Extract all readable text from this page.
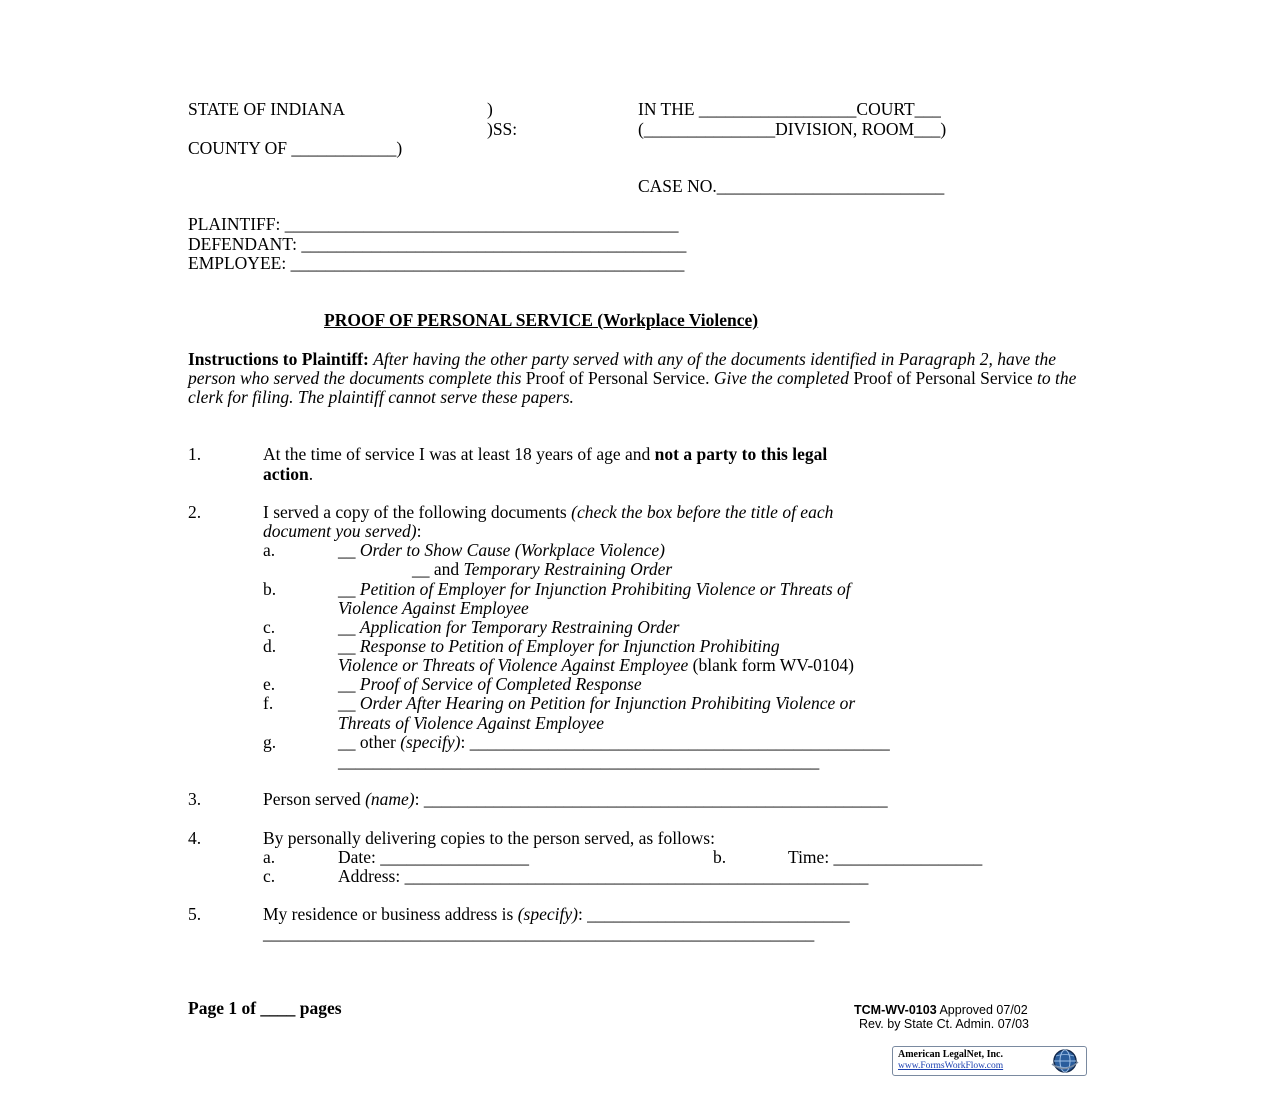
STATE OF INDIANA	)
)SS:
COUNTY OF ____________)
IN THE __________________COURT___
(_______________DIVISION, ROOM___)
CASE NO.__________________________
PLAINTIFF: _____________________________________________
DEFENDANT: ____________________________________________
EMPLOYEE: _____________________________________________
PROOF OF PERSONAL SERVICE (Workplace Violence)
Instructions to Plaintiff: After having the other party served with any of the documents identified in Paragraph 2, have the person who served the documents complete this Proof of Personal Service. Give the completed Proof of Personal Service to the clerk for filing. The plaintiff cannot serve these papers.
1.	At the time of service I was at least 18 years of age and not a party to this legal
action.
2.	I served a copy of the following documents (check the box before the title of each
document you served):
a.	__ Order to Show Cause (Workplace Violence)
__ and Temporary Restraining Order
b.	__ Petition of Employer for Injunction Prohibiting Violence or Threats of
Violence Against Employee
c.	__ Application for Temporary Restraining Order
d.	__ Response to Petition of Employer for Injunction Prohibiting
Violence or Threats of Violence Against Employee (blank form WV-0104)
e.	__ Proof of Service of Completed Response
f.	__ Order After Hearing on Petition for Injunction Prohibiting Violence or
Threats of Violence Against Employee
g.	__ other (specify): ________________________________________________
_______________________________________________________
3.	Person served (name): _____________________________________________________
4.	By personally delivering copies to the person served, as follows:
a.	Date: _________________	b.	Time: _________________
c.	Address: _____________________________________________________
5.	My residence or business address is (specify): ______________________________
_______________________________________________________________
Page 1 of ____ pages	TCM-WV-0103 Approved 07/02
Rev. by State Ct. Admin. 07/03
American LegalNet, Inc.
www.FormsWorkFlow.com
